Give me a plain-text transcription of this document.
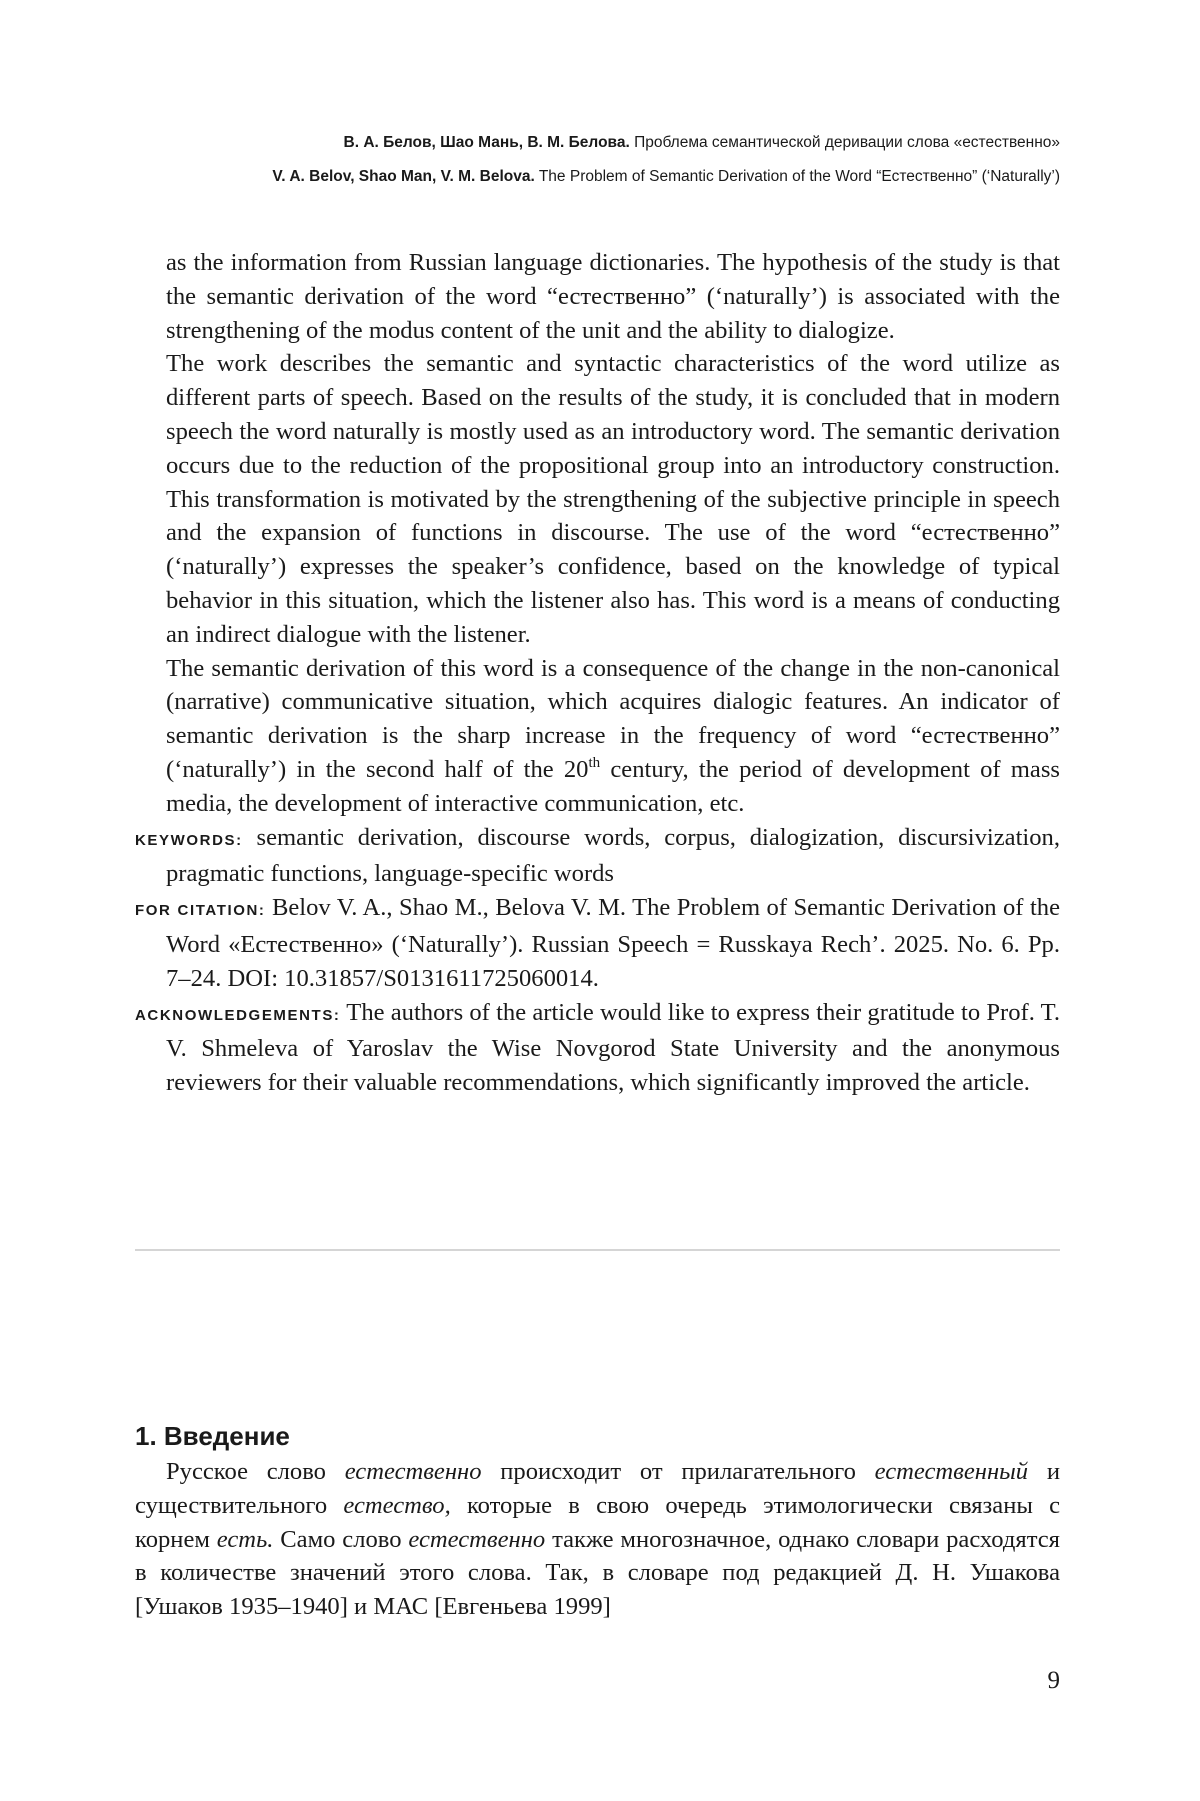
В. А. Белов, Шао Мань, В. М. Белова. Проблема семантической деривации слова «естественно»
V. A. Belov, Shao Man, V. M. Belova. The Problem of Semantic Derivation of the Word “Естественно” (‘Naturally’)

as the information from Russian language dictionaries. The hypothesis of the study is that the semantic derivation of the word “естественно” (‘naturally’) is associated with the strengthening of the modus content of the unit and the ability to dialogize.

The work describes the semantic and syntactic characteristics of the word utilize as different parts of speech. Based on the results of the study, it is concluded that in modern speech the word naturally is mostly used as an introductory word. The semantic derivation occurs due to the reduction of the propositional group into an introductory construction. This transformation is motivated by the strengthening of the subjective principle in speech and the expansion of functions in discourse. The use of the word “естественно” (‘naturally’) expresses the speaker’s confidence, based on the knowledge of typical behavior in this situation, which the listener also has. This word is a means of conducting an indirect dialogue with the listener.

The semantic derivation of this word is a consequence of the change in the non-canonical (narrative) communicative situation, which acquires dialogic features. An indicator of semantic derivation is the sharp increase in the frequency of word “естественно” (‘naturally’) in the second half of the 20th century, the period of development of mass media, the development of interactive communication, etc.

KEYWORDS: semantic derivation, discourse words, corpus, dialogization, discursivization, pragmatic functions, language-specific words

FOR CITATION: Belov V. A., Shao M., Belova V. M. The Problem of Semantic Derivation of the Word «Естественно» (‘Naturally’). Russian Speech = Russkaya Rech’. 2025. No. 6. Pp. 7–24. DOI: 10.31857/S0131611725060014.

ACKNOWLEDGEMENTS: The authors of the article would like to express their gratitude to Prof. T. V. Shmeleva of Yaroslav the Wise Novgorod State University and the anonymous reviewers for their valuable recommendations, which significantly improved the article.

1. Введение

Русское слово естественно происходит от прилагательного естественный и существительного естество, которые в свою очередь этимологически связаны с корнем есть. Само слово естественно также многозначное, однако словари расходятся в количестве значений этого слова. Так, в словаре под редакцией Д. Н. Ушакова [Ушаков 1935–1940] и МАС [Евгеньева 1999]

9
